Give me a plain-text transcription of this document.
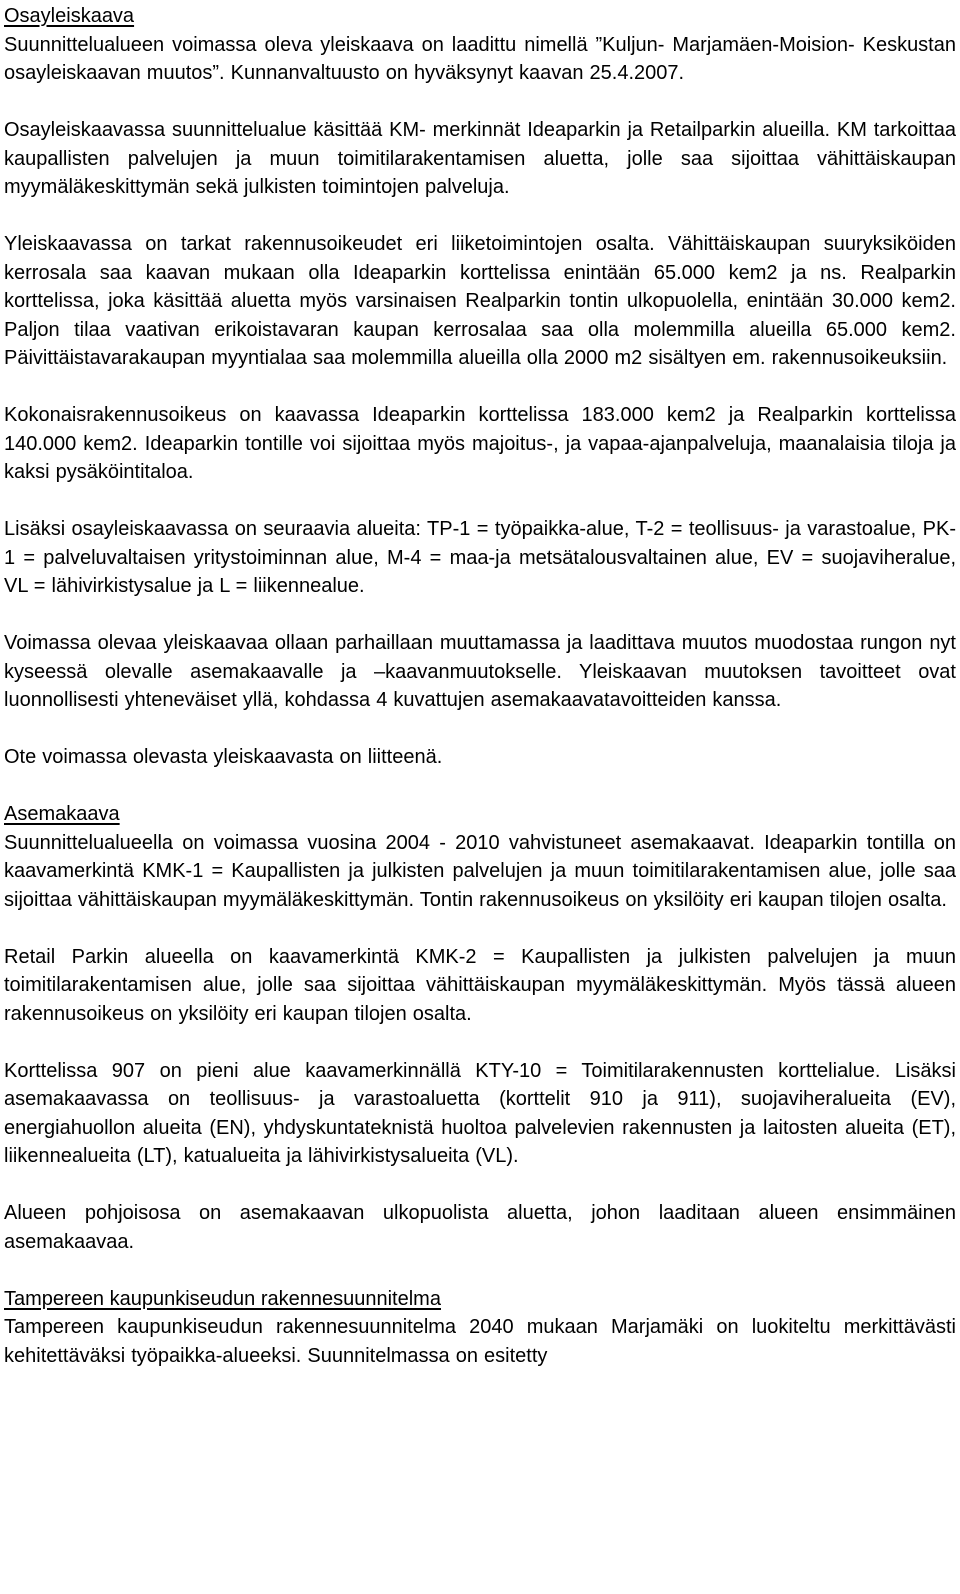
Osayleiskaava

Suunnittelualueen voimassa oleva yleiskaava on laadittu nimellä ”Kuljun- Marjamäen-Moision- Keskustan osayleiskaavan muutos”. Kunnanvaltuusto on hyväksynyt kaavan 25.4.2007.

Osayleiskaavassa suunnittelualue käsittää KM- merkinnät Ideaparkin ja Retailparkin alueilla. KM tarkoittaa kaupallisten palvelujen ja muun toimitilarakentamisen aluetta, jolle saa sijoittaa vähittäiskaupan myymäläkeskittymän sekä julkisten toimintojen palveluja.

Yleiskaavassa on tarkat rakennusoikeudet eri liiketoimintojen osalta. Vähittäiskaupan suuryksiköiden kerrosala saa kaavan mukaan olla Ideaparkin korttelissa enintään 65.000 kem2 ja ns. Realparkin korttelissa, joka käsittää aluetta myös varsinaisen Realparkin tontin ulkopuolella, enintään 30.000 kem2. Paljon tilaa vaativan erikoistavaran kaupan kerrosalaa saa olla molemmilla alueilla 65.000 kem2. Päivittäistavarakaupan myyntialaa saa molemmilla alueilla olla 2000 m2 sisältyen em. rakennusoikeuksiin.

Kokonaisrakennusoikeus on kaavassa Ideaparkin korttelissa 183.000 kem2 ja Realparkin korttelissa 140.000 kem2. Ideaparkin tontille voi sijoittaa myös majoitus-, ja vapaa-ajanpalveluja, maanalaisia tiloja ja kaksi pysäköintitaloa.

Lisäksi osayleiskaavassa on seuraavia alueita: TP-1 = työpaikka-alue, T-2 = teollisuus- ja varastoalue, PK-1 = palveluvaltaisen yritystoiminnan alue, M-4 = maa-ja metsätalousvaltainen alue, EV = suojaviheralue, VL = lähivirkistysalue ja L = liikennealue.

Voimassa olevaa yleiskaavaa ollaan parhaillaan muuttamassa ja laadittava muutos muodostaa rungon nyt kyseessä olevalle asemakaavalle ja –kaavanmuutokselle. Yleiskaavan muutoksen tavoitteet ovat luonnollisesti yhteneväiset yllä, kohdassa 4 kuvattujen asemakaavatavoitteiden kanssa.

Ote voimassa olevasta yleiskaavasta on liitteenä.

Asemakaava

Suunnittelualueella on voimassa vuosina 2004 - 2010 vahvistuneet asemakaavat. Ideaparkin tontilla on kaavamerkintä KMK-1 = Kaupallisten ja julkisten palvelujen ja muun toimitilarakentamisen alue, jolle saa sijoittaa vähittäiskaupan myymäläkeskittymän. Tontin rakennusoikeus on yksilöity eri kaupan tilojen osalta.

Retail Parkin alueella on kaavamerkintä KMK-2 = Kaupallisten ja julkisten palvelujen ja muun toimitilarakentamisen alue, jolle saa sijoittaa vähittäiskaupan myymäläkeskittymän. Myös tässä alueen rakennusoikeus on yksilöity eri kaupan tilojen osalta.

Korttelissa 907 on pieni alue kaavamerkinnällä KTY-10 = Toimitilarakennusten korttelialue. Lisäksi asemakaavassa on teollisuus- ja varastoaluetta (korttelit 910 ja 911), suojaviheralueita (EV), energiahuollon alueita (EN), yhdyskuntateknistä huoltoa palvelevien rakennusten ja laitosten alueita (ET), liikennealueita (LT), katualueita ja lähivirkistysalueita (VL).

Alueen pohjoisosa on asemakaavan ulkopuolista aluetta, johon laaditaan alueen ensimmäinen asemakaavaa.

Tampereen kaupunkiseudun rakennesuunnitelma

Tampereen kaupunkiseudun rakennesuunnitelma 2040 mukaan Marjamäki on luokiteltu merkittävästi kehitettäväksi työpaikka-alueeksi. Suunnitelmassa on esitetty
